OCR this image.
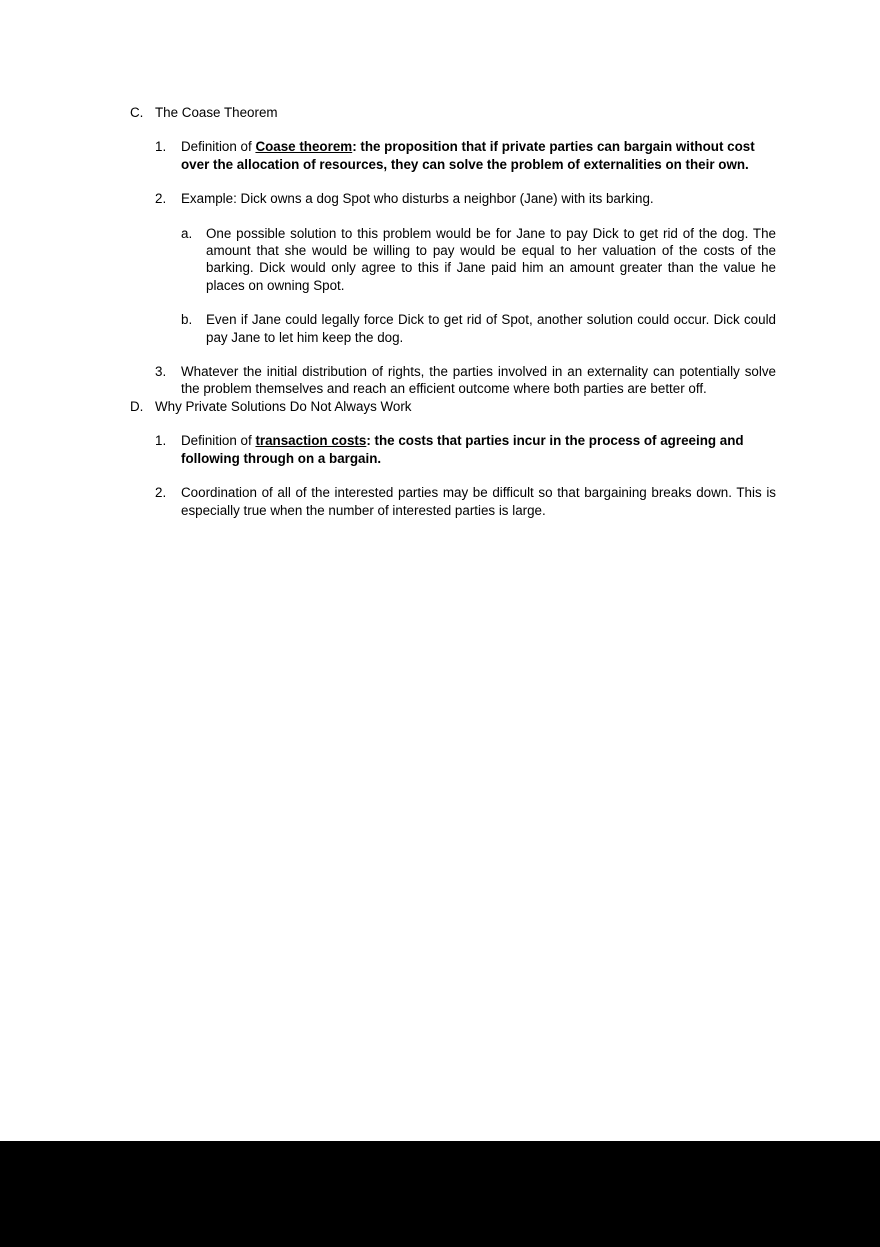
C. The Coase Theorem
1.	Definition of Coase theorem: the proposition that if private parties can bargain without cost over the allocation of resources, they can solve the problem of externalities on their own.
2.	Example: Dick owns a dog Spot who disturbs a neighbor (Jane) with its barking.
a.	One possible solution to this problem would be for Jane to pay Dick to get rid of the dog. The amount that she would be willing to pay would be equal to her valuation of the costs of the barking. Dick would only agree to this if Jane paid him an amount greater than the value he places on owning Spot.
b.	Even if Jane could legally force Dick to get rid of Spot, another solution could occur. Dick could pay Jane to let him keep the dog.
3.	Whatever the initial distribution of rights, the parties involved in an externality can potentially solve the problem themselves and reach an efficient outcome where both parties are better off.
D. Why Private Solutions Do Not Always Work
1.	Definition of transaction costs: the costs that parties incur in the process of agreeing and following through on a bargain.
2.	Coordination of all of the interested parties may be difficult so that bargaining breaks down. This is especially true when the number of interested parties is large.
